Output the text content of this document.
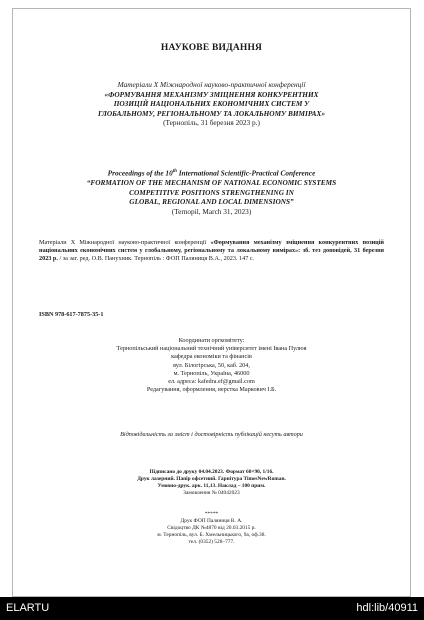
НАУКОВЕ ВИДАННЯ
Матеріали Х Міжнародної науково-практичної конференції
«ФОРМУВАННЯ МЕХАНІЗМУ ЗМІЦНЕННЯ КОНКУРЕНТНИХ
ПОЗИЦІЙ НАЦІОНАЛЬНИХ ЕКОНОМІЧНИХ СИСТЕМ У
ГЛОБАЛЬНОМУ, РЕГІОНАЛЬНОМУ ТА ЛОКАЛЬНОМУ ВИМІРАХ»
(Тернопіль, 31 березня 2023 р.)
Proceedings of the 10th International Scientific-Practical Conference
“FORMATION OF THE MECHANISM OF NATIONAL ECONOMIC SYSTEMS
COMPETITIVE POSITIONS STRENGTHENING IN
GLOBAL, REGIONAL AND LOCAL DIMENSIONS”
(Ternopil, March 31, 2023)
Матеріали Х Міжнародної науково-практичної конференції «Формування механізму зміцнення конкурентних позицій національних економічних систем у глобальному, регіональному та локальному вимірах»: зб. тез доповідей, 31 березня 2023 р. / за заг. ред. О.В. Панухник. Тернопіль : ФОП Паляниця В.А., 2023. 147 с.
ISBN 978-617-7875-35-1
Координати оргкомітету:
Тернопільський національний технічний університет імені Івана Пулюя
кафедра економіки та фінансів
вул. Білогірська, 50, каб. 204,
м. Тернопіль, Україна, 46000
ел. адреса: kafedra.ef@gmail.com
Редагування, оформлення, верстка Маркович І.Б.
Відповідальність за зміст і достовірність публікацій несуть автори
Підписано до друку 04.04.2023. Формат 60×90, 1/16.
Друк лазерний. Папір офсетний. Гарнітура TimesNewRoman.
Умовно-друк. арк. 11,13. Наклад – 100 прим.
Замовлення № 04042023
*****
Друк ФОП Паляниця В. А.
Свідоцтво ДК №4870 від 20.03.2015 р.
м. Тернопіль, вул. Б. Хмельницького, 9а, оф.38.
тел. (0352) 528–777.
ELARTU	hdl:lib/40911
